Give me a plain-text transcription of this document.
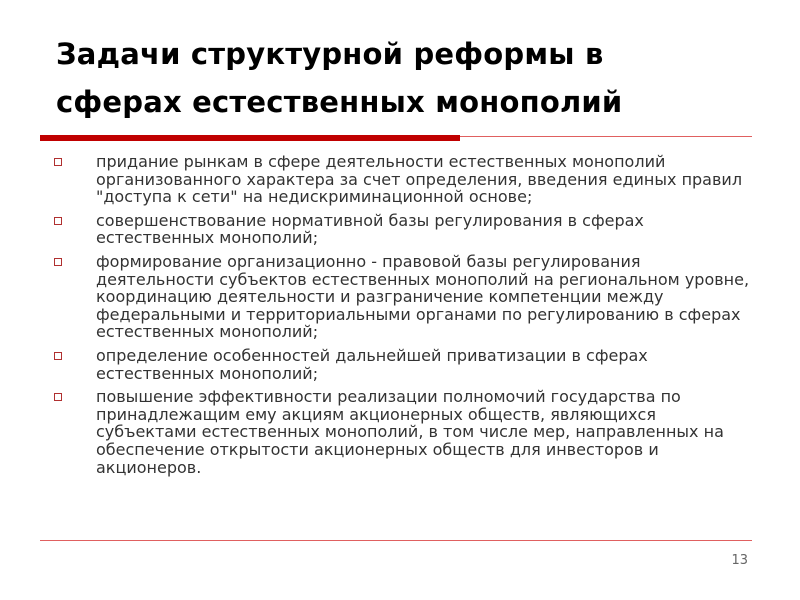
Задачи структурной реформы в
сферах естественных монополий
придание рынкам в сфере деятельности естественных монополий организованного характера за счет определения, введения единых правил "доступа к сети" на недискриминационной основе;
совершенствование нормативной базы регулирования в сферах естественных монополий;
формирование организационно - правовой базы регулирования деятельности субъектов естественных монополий на региональном уровне, координацию деятельности и разграничение компетенции между федеральными и территориальными органами по регулированию в сферах естественных монополий;
определение особенностей дальнейшей приватизации в сферах естественных монополий;
повышение эффективности реализации полномочий государства по принадлежащим ему акциям акционерных обществ, являющихся субъектами естественных монополий, в том числе мер, направленных на обеспечение открытости акционерных обществ для инвесторов и акционеров.
13
